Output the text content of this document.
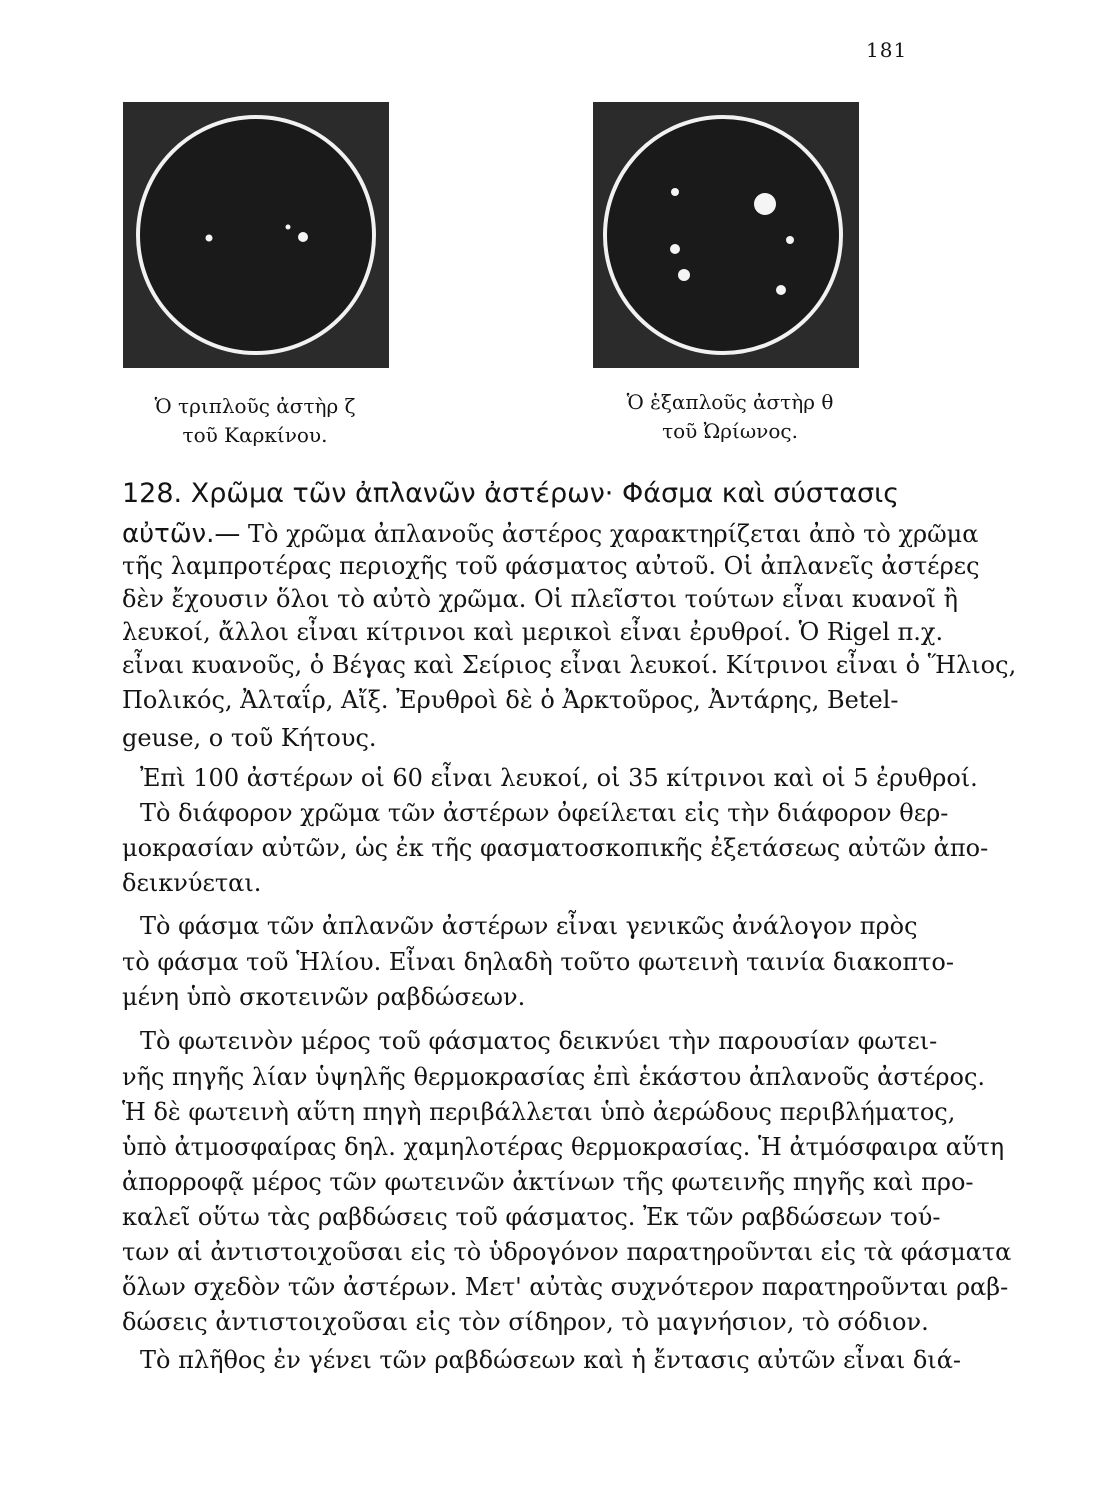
181
Ὁ τριπλοῦς ἀστὴρ ζ
τοῦ Καρκίνου.
Ὁ ἑξαπλοῦς ἀστὴρ θ
τοῦ Ὠρίωνος.
128. Χρῶμα τῶν ἀπλανῶν ἀστέρων· Φάσμα καὶ σύστασις
αὐτῶν.— Τὸ χρῶμα ἀπλανοῦς ἀστέρος χαρακτηρίζεται ἀπὸ τὸ χρῶμα
τῆς λαμπροτέρας περιοχῆς τοῦ φάσματος αὐτοῦ. Οἱ ἀπλανεῖς ἀστέρες
δὲν ἔχουσιν ὅλοι τὸ αὐτὸ χρῶμα. Οἱ πλεῖστοι τούτων εἶναι κυανοῖ ἢ
λευκοί, ἄλλοι εἶναι κίτρινοι καὶ μερικοὶ εἶναι ἐρυθροί. Ὁ Rigel π.χ.
εἶναι κυανοῦς, ὁ Βέγας καὶ Σείριος εἶναι λευκοί. Κίτρινοι εἶναι ὁ Ἥλιος,
Πολικός, Ἀλταΐρ, Αἴξ. Ἐρυθροὶ δὲ ὁ Ἀρκτοῦρος, Ἀντάρης, Betel-
geuse, ο τοῦ Κήτους.
Ἐπὶ 100 ἀστέρων οἱ 60 εἶναι λευκοί, οἱ 35 κίτρινοι καὶ οἱ 5 ἐρυθροί.
Τὸ διάφορον χρῶμα τῶν ἀστέρων ὀφείλεται εἰς τὴν διάφορον θερ-
μοκρασίαν αὐτῶν, ὡς ἐκ τῆς φασματοσκοπικῆς ἐξετάσεως αὐτῶν ἀπο-
δεικνύεται.
Τὸ φάσμα τῶν ἀπλανῶν ἀστέρων εἶναι γενικῶς ἀνάλογον πρὸς
τὸ φάσμα τοῦ Ἡλίου. Εἶναι δηλαδὴ τοῦτο φωτεινὴ ταινία διακοπτο-
μένη ὑπὸ σκοτεινῶν ραβδώσεων.
Τὸ φωτεινὸν μέρος τοῦ φάσματος δεικνύει τὴν παρουσίαν φωτει-
νῆς πηγῆς λίαν ὑψηλῆς θερμοκρασίας ἐπὶ ἑκάστου ἀπλανοῦς ἀστέρος.
Ἡ δὲ φωτεινὴ αὕτη πηγὴ περιβάλλεται ὑπὸ ἀερώδους περιβλήματος,
ὑπὸ ἀτμοσφαίρας δηλ. χαμηλοτέρας θερμοκρασίας. Ἡ ἀτμόσφαιρα αὕτη
ἀπορροφᾷ μέρος τῶν φωτεινῶν ἀκτίνων τῆς φωτεινῆς πηγῆς καὶ προ-
καλεῖ οὕτω τὰς ραβδώσεις τοῦ φάσματος. Ἐκ τῶν ραβδώσεων τού-
των αἱ ἀντιστοιχοῦσαι εἰς τὸ ὑδρογόνον παρατηροῦνται εἰς τὰ φάσματα
ὅλων σχεδὸν τῶν ἀστέρων. Μετ' αὐτὰς συχνότερον παρατηροῦνται ραβ-
δώσεις ἀντιστοιχοῦσαι εἰς τὸν σίδηρον, τὸ μαγνήσιον, τὸ σόδιον.
Τὸ πλῆθος ἐν γένει τῶν ραβδώσεων καὶ ἡ ἔντασις αὐτῶν εἶναι διά-
